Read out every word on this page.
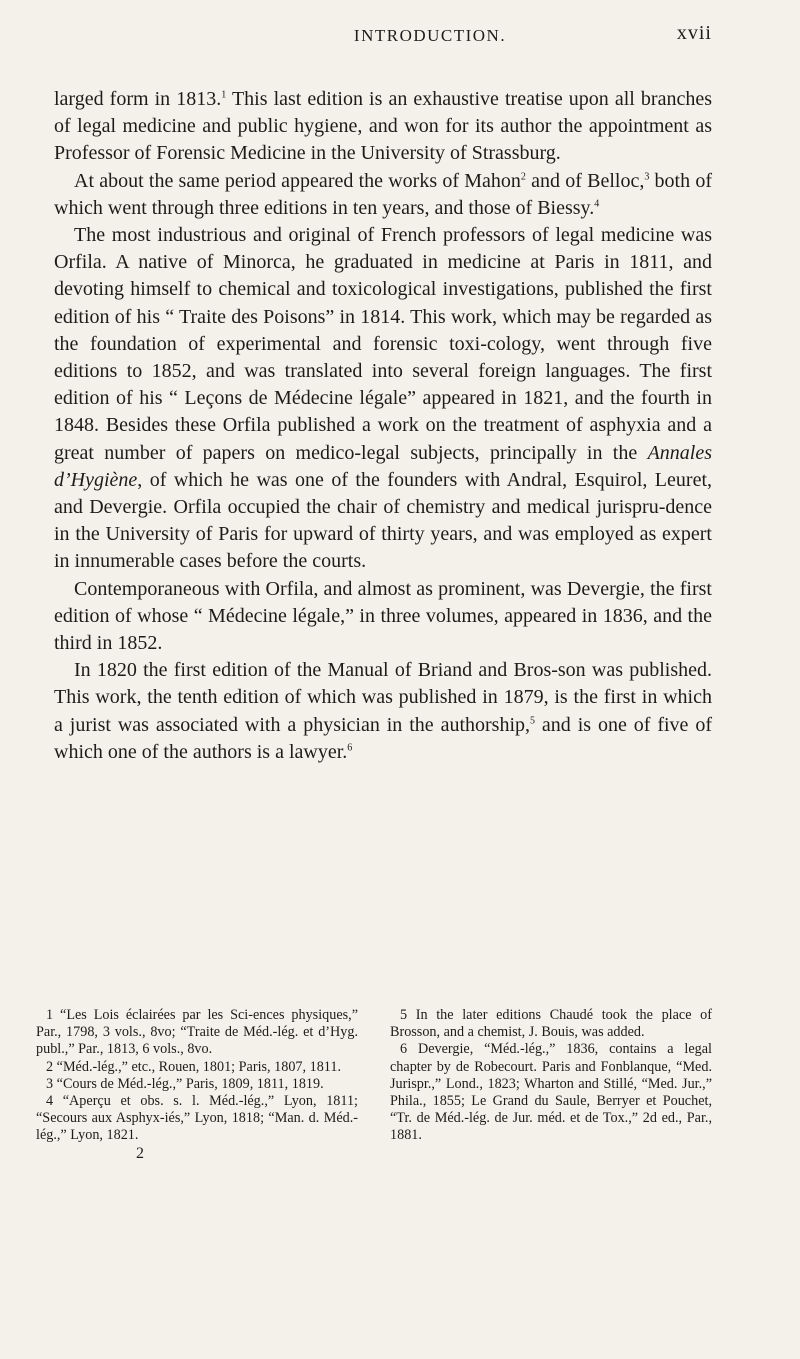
INTRODUCTION.	xvii

larged form in 1813.$^1$ This last edition is an exhaustive treatise upon all branches of legal medicine and public hygiene, and won for its author the appointment as Professor of Forensic Medicine in the University of Strassburg.

At about the same period appeared the works of Mahon$^2$ and of Belloc,$^3$ both of which went through three editions in ten years, and those of Biessy.$^4$

The most industrious and original of French professors of legal medicine was Orfila. A native of Minorca, he graduated in medicine at Paris in 1811, and devoting himself to chemical and toxicological investigations, published the first edition of his “ Traite des Poisons” in 1814. This work, which may be regarded as the foundation of experimental and forensic toxi-cology, went through five editions to 1852, and was translated into several foreign languages. The first edition of his “ Leçons de Médecine légale” appeared in 1821, and the fourth in 1848. Besides these Orfila published a work on the treatment of asphyxia and a great number of papers on medico-legal subjects, principally in the Annales d’Hygiène, of which he was one of the founders with Andral, Esquirol, Leuret, and Devergie. Orfila occupied the chair of chemistry and medical jurispru-dence in the University of Paris for upward of thirty years, and was employed as expert in innumerable cases before the courts.

Contemporaneous with Orfila, and almost as prominent, was Devergie, the first edition of whose “ Médecine légale,” in three volumes, appeared in 1836, and the third in 1852.

In 1820 the first edition of the Manual of Briand and Bros-son was published. This work, the tenth edition of which was published in 1879, is the first in which a jurist was associated with a physician in the authorship,$^5$ and is one of five of which one of the authors is a lawyer.$^6$

1 “Les Lois éclairées par les Sci-ences physiques,” Par., 1798, 3 vols., 8vo; “Traite de Méd.-lég. et d’Hyg. publ.,” Par., 1813, 6 vols., 8vo.

2 “Méd.-lég.,” etc., Rouen, 1801; Paris, 1807, 1811.

3 “Cours de Méd.-lég.,” Paris, 1809, 1811, 1819.

4 “Aperçu et obs. s. l. Méd.-lég.,” Lyon, 1811; “Secours aux Asphyx-iés,” Lyon, 1818; “Man. d. Méd.-lég.,” Lyon, 1821.

2

5 In the later editions Chaudé took the place of Brosson, and a chemist, J. Bouis, was added.

6 Devergie, “Méd.-lég.,” 1836, contains a legal chapter by de Robecourt. Paris and Fonblanque, “Med. Jurispr.,” Lond., 1823; Wharton and Stillé, “Med. Jur.,” Phila., 1855; Le Grand du Saule, Berryer et Pouchet, “Tr. de Méd.-lég. de Jur. méd. et de Tox.,” 2d ed., Par., 1881.
